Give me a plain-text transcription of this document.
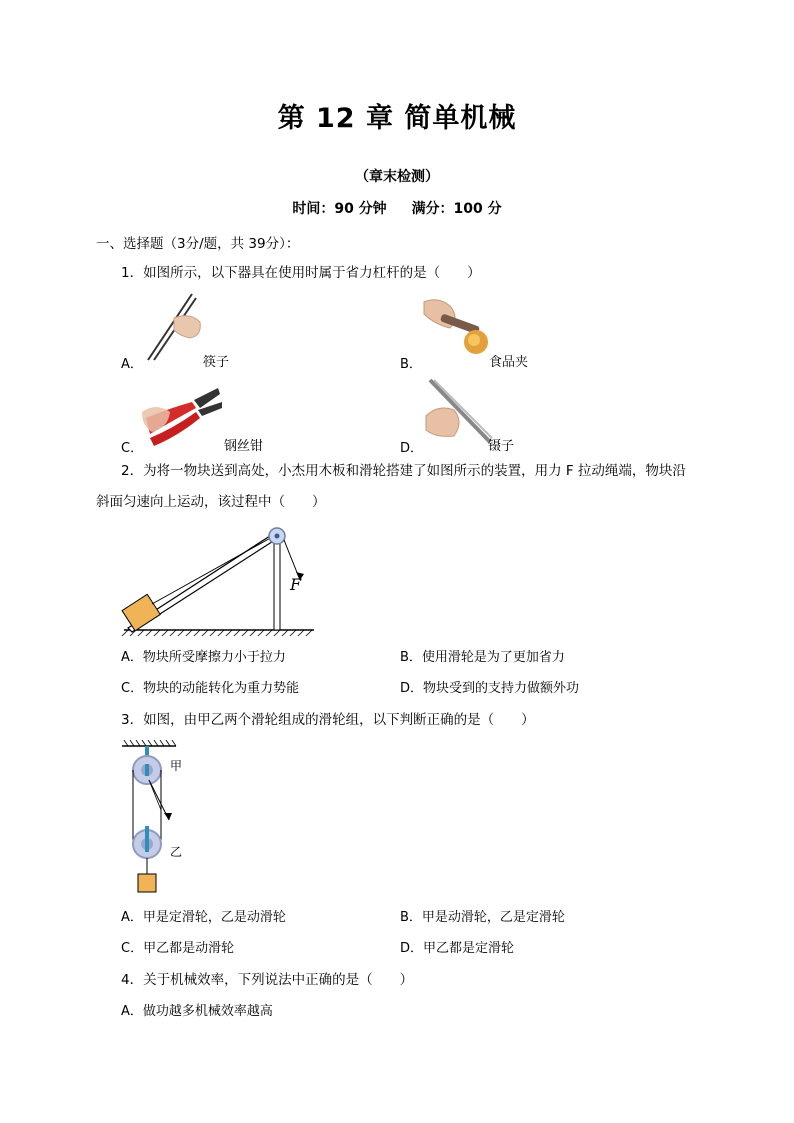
第 12 章 简单机械
（章末检测）
时间：90 分钟 满分：100 分
一、选择题（3分/题，共 39分）：
1．如图所示，以下器具在使用时属于省力杠杆的是（　　）
A．	筷子	B．	食品夹
C．	钢丝钳	D．	镊子
2．为将一物块送到高处，小杰用木板和滑轮搭建了如图所示的装置，用力 F 拉动绳端，物块沿
斜面匀速向上运动，该过程中（　　）
F
A．物块所受摩擦力小于拉力	B．使用滑轮是为了更加省力
C．物块的动能转化为重力势能	D．物块受到的支持力做额外功
3．如图，由甲乙两个滑轮组成的滑轮组，以下判断正确的是（　　）
甲
乙
A．甲是定滑轮，乙是动滑轮	B．甲是动滑轮，乙是定滑轮
C．甲乙都是动滑轮	D．甲乙都是定滑轮
4．关于机械效率，下列说法中正确的是（　　）
A．做功越多机械效率越高
